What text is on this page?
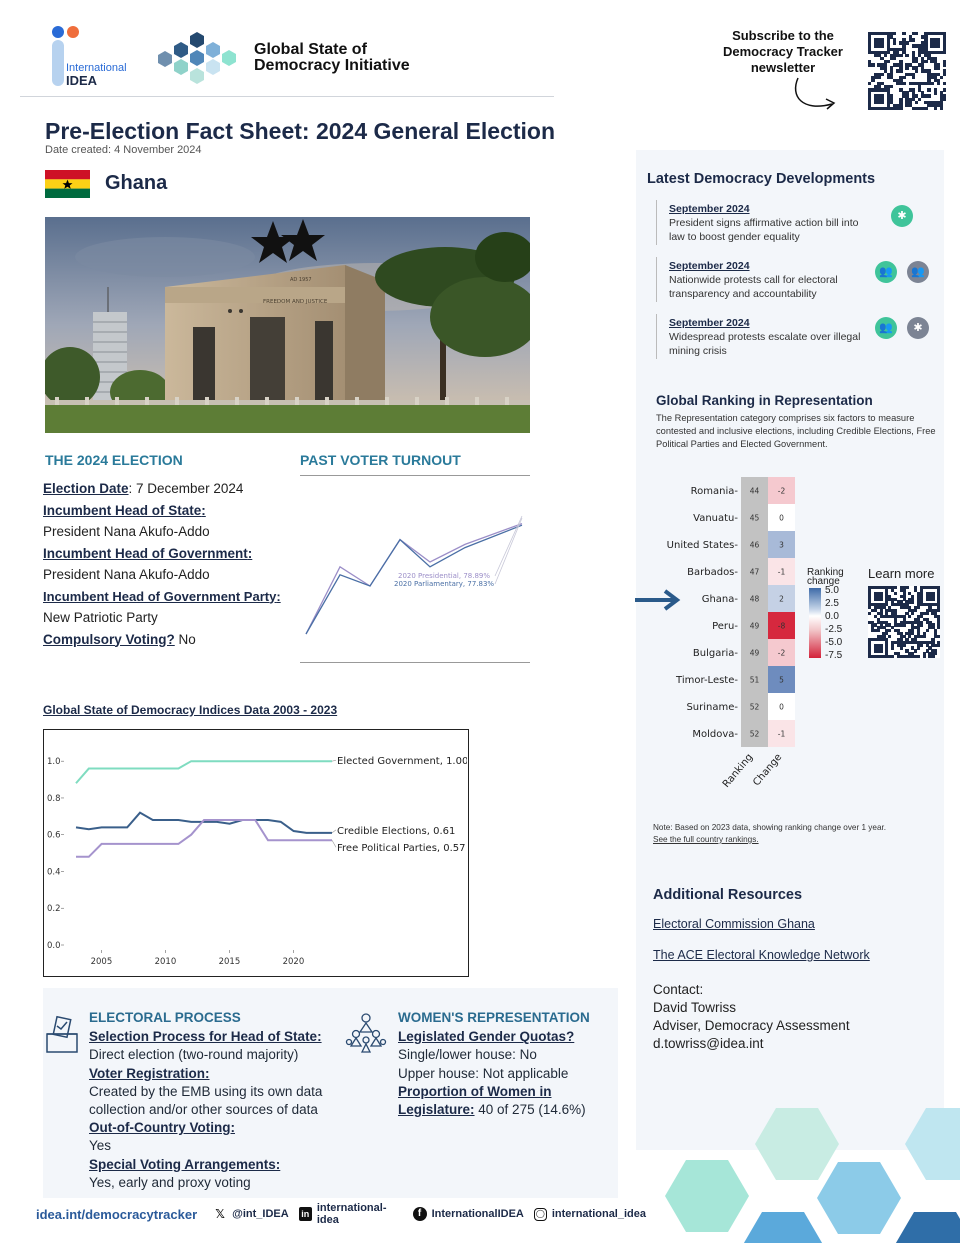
International
IDEA
Global State of
Democracy Initiative
Subscribe to the
Democracy Tracker
newsletter
Pre-Election Fact Sheet: 2024 General Election
Date created: 4 November 2024
Ghana
AD 1957
FREEDOM AND JUSTICE
THE 2024 ELECTION
Election Date: 7 December 2024
Incumbent Head of State:
President Nana Akufo-Addo
Incumbent Head of Government:
President Nana Akufo-Addo
Incumbent Head of Government Party:
New Patriotic Party
Compulsory Voting? No
PAST VOTER TURNOUT
2020 Presidential, 78.89%
2020 Parliamentary, 77.83%
Global State of Democracy Indices Data 2003 - 2023
1.0
0.8
0.6
0.4
0.2
0.0
2005	2010	2015	2020
Elected Government, 1.00
Credible Elections, 0.61
Free Political Parties, 0.57
ELECTORAL PROCESS
Selection Process for Head of State:
Direct election (two-round majority)
Voter Registration:
Created by the EMB using its own data collection and/or other sources of data
Out-of-Country Voting:
Yes
Special Voting Arrangements:
Yes, early and proxy voting
WOMEN'S REPRESENTATION
Legislated Gender Quotas?
Single/lower house: No
Upper house: Not applicable
Proportion of Women in
Legislature: 40 of 275 (14.6%)
idea.int/democracytracker 𝕏 @int_IDEA in international-idea
f InternationalIDEA ◯ international_idea
Latest Democracy Developments
September 2024
President signs affirmative action bill into law to boost gender equality
✱
September 2024
Nationwide protests call for electoral transparency and accountability
👥	👥
September 2024
Widespread protests escalate over illegal mining crisis
👥	✱
Global Ranking in Representation
The Representation category comprises six factors to measure contested and inclusive elections, including Credible Elections, Free Political Parties and Elected Government.
Romania- 44 -2
Vanuatu- 45	0
United States- 46	3
Barbados- 47 -1
Ghana- 48	2
Peru- 49 -8
Bulgaria- 49 -2
Timor-Leste- 51	5
Suriname- 52	0
Moldova- 52 -1
Ranking
Change
Ranking change
5.0
2.5
0.0
-2.5
-5.0
-7.5
Learn more
Note: Based on 2023 data, showing ranking change over 1 year.
See the full country rankings.
Additional Resources
Electoral Commission Ghana
The ACE Electoral Knowledge Network
Contact:
David Towriss
Adviser, Democracy Assessment
d.towriss@idea.int
